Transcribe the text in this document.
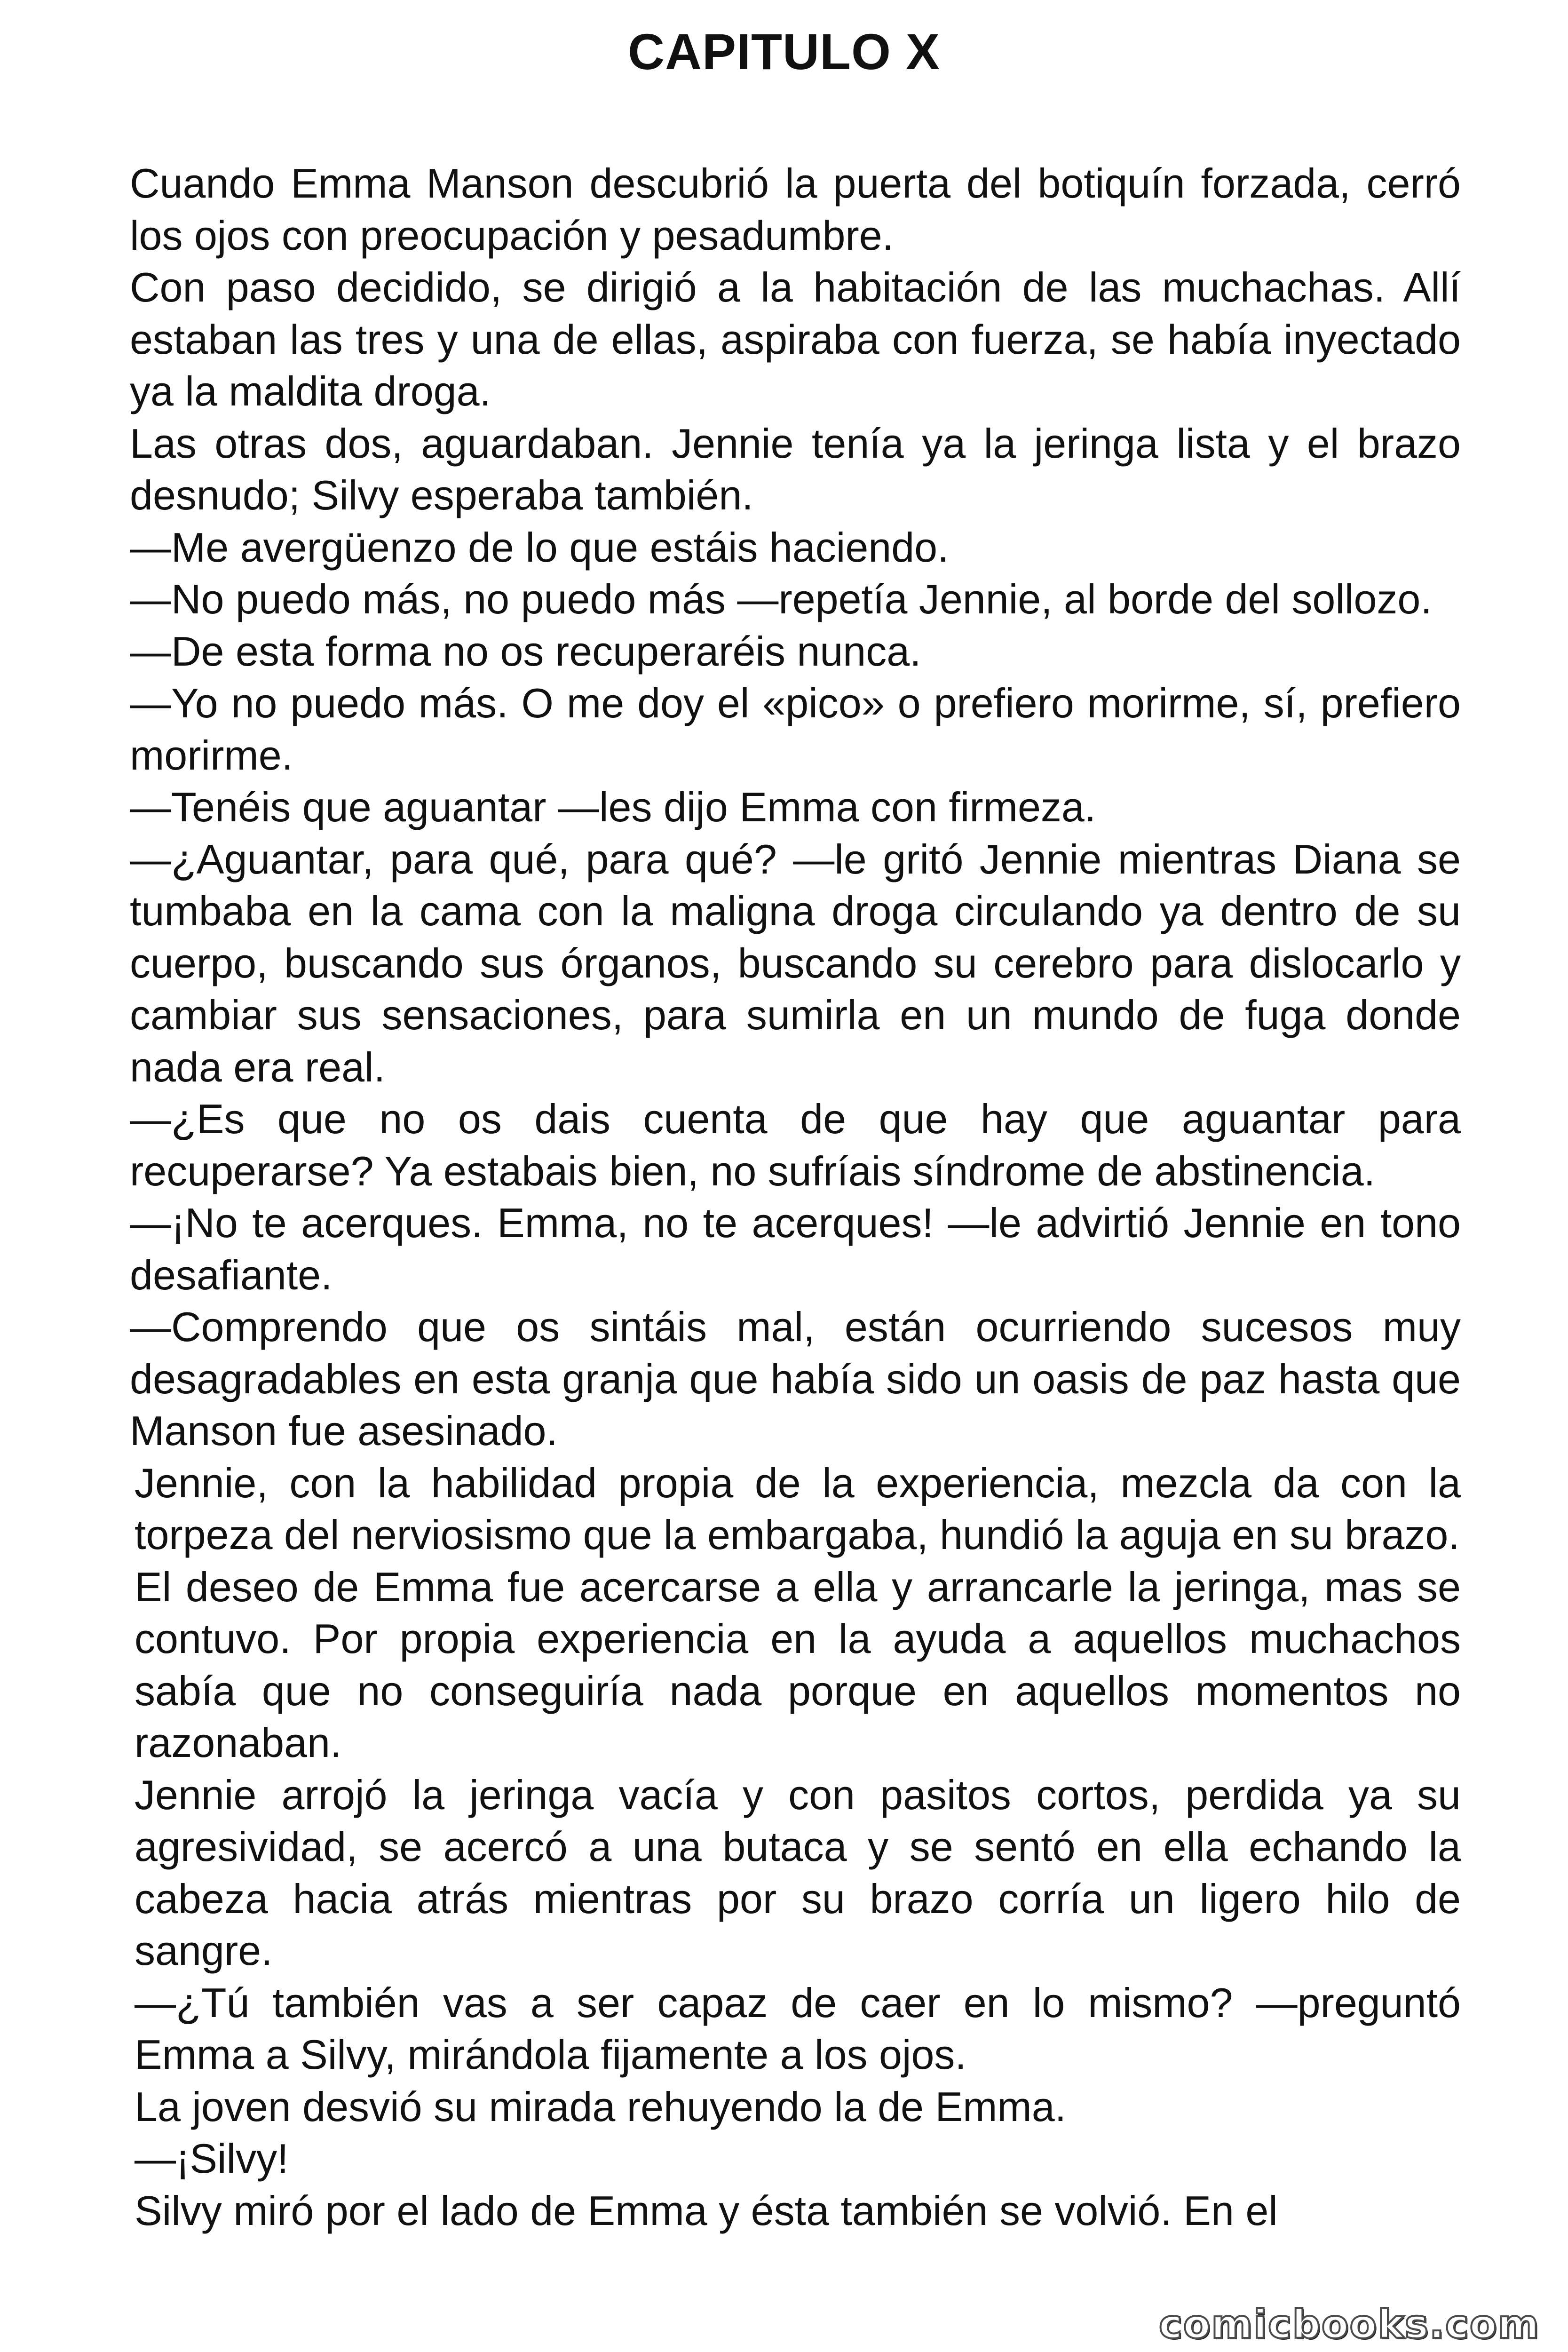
CAPITULO X

Cuando Emma Manson descubrió la puerta del botiquín forzada, cerró los ojos con preocupación y pesadumbre.

Con paso decidido, se dirigió a la habitación de las muchachas. Allí estaban las tres y una de ellas, aspiraba con fuerza, se había inyectado ya la maldita droga.

Las otras dos, aguardaban. Jennie tenía ya la jeringa lista y el brazo desnudo; Silvy esperaba también.

—Me avergüenzo de lo que estáis haciendo.

—No puedo más, no puedo más —repetía Jennie, al borde del sollozo.

—De esta forma no os recuperaréis nunca.

—Yo no puedo más. O me doy el «pico» o prefiero morirme, sí, prefiero morirme.

—Tenéis que aguantar —les dijo Emma con firmeza.

—¿Aguantar, para qué, para qué? —le gritó Jennie mientras Diana se tumbaba en la cama con la maligna droga circulando ya dentro de su cuerpo, buscando sus órganos, buscando su cerebro para dislocarlo y cambiar sus sensaciones, para sumirla en un mundo de fuga donde nada era real.

—¿Es que no os dais cuenta de que hay que aguantar para recuperarse? Ya estabais bien, no sufríais síndrome de abstinencia.

—¡No te acerques. Emma, no te acerques! —le advirtió Jennie en tono desafiante.

—Comprendo que os sintáis mal, están ocurriendo sucesos muy desagradables en esta granja que había sido un oasis de paz hasta que Manson fue asesinado.

Jennie, con la habilidad propia de la experiencia, mezcla da con la torpeza del nerviosismo que la embargaba, hundió la aguja en su brazo.

El deseo de Emma fue acercarse a ella y arrancarle la jeringa, mas se contuvo. Por propia experiencia en la ayuda a aquellos muchachos sabía que no conseguiría nada porque en aquellos momentos no razonaban.

Jennie arrojó la jeringa vacía y con pasitos cortos, perdida ya su agresividad, se acercó a una butaca y se sentó en ella echando la cabeza hacia atrás mientras por su brazo corría un ligero hilo de sangre.

—¿Tú también vas a ser capaz de caer en lo mismo? —preguntó Emma a Silvy, mirándola fijamente a los ojos.

La joven desvió su mirada rehuyendo la de Emma.

—¡Silvy!

Silvy miró por el lado de Emma y ésta también se volvió. En el

comicbooks.com
